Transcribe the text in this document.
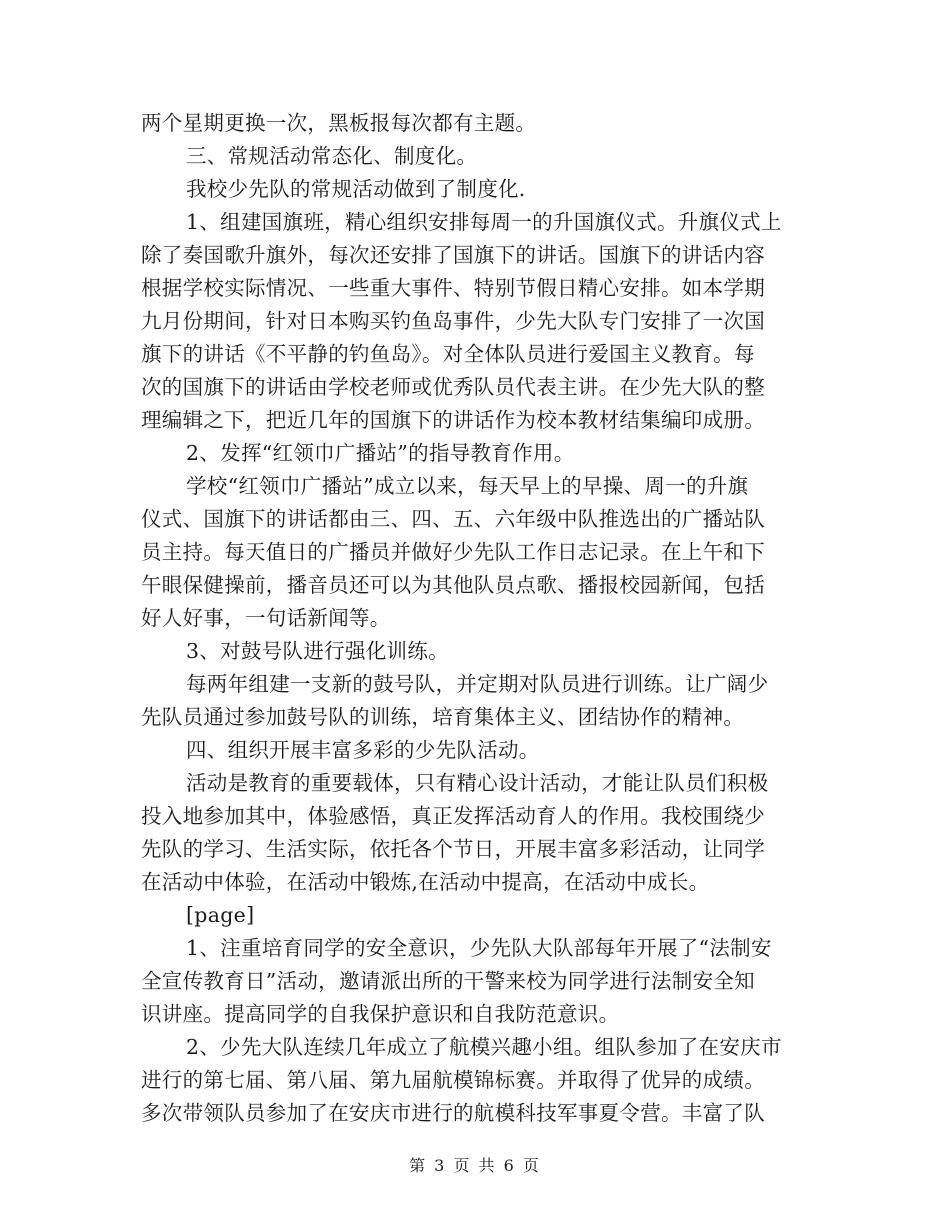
两个星期更换一次，黑板报每次都有主题。
三、常规活动常态化、制度化。
我校少先队的常规活动做到了制度化.
1、组建国旗班，精心组织安排每周一的升国旗仪式。升旗仪式上
除了奏国歌升旗外，每次还安排了国旗下的讲话。国旗下的讲话内容
根据学校实际情况、一些重大事件、特别节假日精心安排。如本学期
九月份期间，针对日本购买钓鱼岛事件，少先大队专门安排了一次国
旗下的讲话《不平静的钓鱼岛》。对全体队员进行爱国主义教育。每
次的国旗下的讲话由学校老师或优秀队员代表主讲。在少先大队的整
理编辑之下，把近几年的国旗下的讲话作为校本教材结集编印成册。
2、发挥“红领巾广播站”的指导教育作用。
学校“红领巾广播站”成立以来，每天早上的早操、周一的升旗
仪式、国旗下的讲话都由三、四、五、六年级中队推选出的广播站队
员主持。每天值日的广播员并做好少先队工作日志记录。在上午和下
午眼保健操前，播音员还可以为其他队员点歌、播报校园新闻，包括
好人好事，一句话新闻等。
3、对鼓号队进行强化训练。
每两年组建一支新的鼓号队，并定期对队员进行训练。让广阔少
先队员通过参加鼓号队的训练，培育集体主义、团结协作的精神。
四、组织开展丰富多彩的少先队活动。
活动是教育的重要载体，只有精心设计活动，才能让队员们积极
投入地参加其中，体验感悟，真正发挥活动育人的作用。我校围绕少
先队的学习、生活实际，依托各个节日，开展丰富多彩活动，让同学
在活动中体验，在活动中锻炼,在活动中提高，在活动中成长。
[page]
1、注重培育同学的安全意识，少先队大队部每年开展了“法制安
全宣传教育日”活动，邀请派出所的干警来校为同学进行法制安全知
识讲座。提高同学的自我保护意识和自我防范意识。
2、少先大队连续几年成立了航模兴趣小组。组队参加了在安庆市
进行的第七届、第八届、第九届航模锦标赛。并取得了优异的成绩。
多次带领队员参加了在安庆市进行的航模科技军事夏令营。丰富了队
第 3 页 共 6 页
